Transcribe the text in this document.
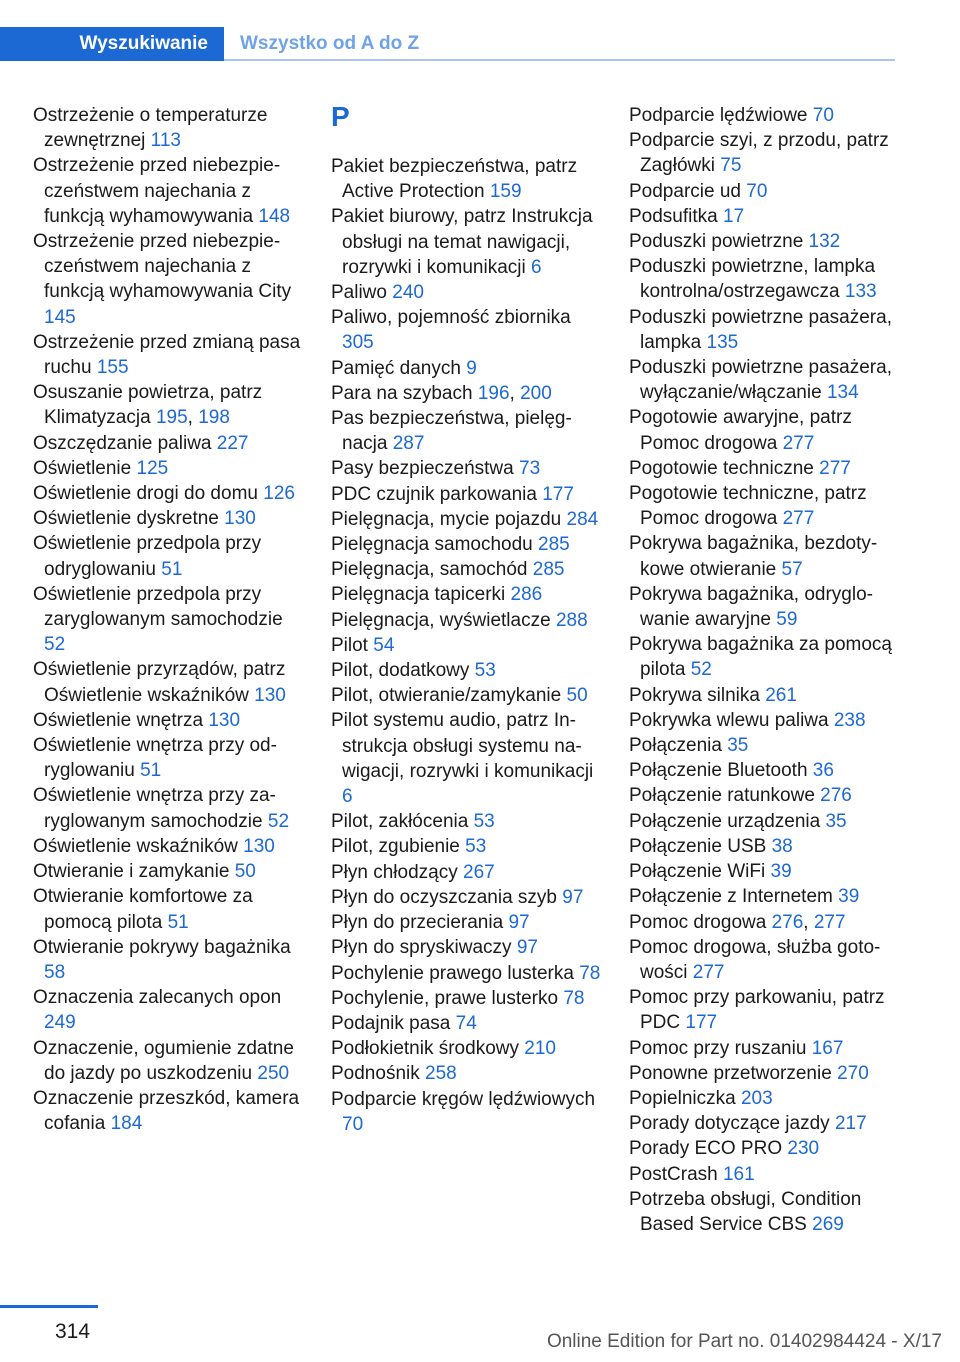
Wyszukiwanie	Wszystko od A do Z

Ostrzeżenie o temperaturze zewnętrznej 113

Ostrzeżenie przed niebezpieczeństwem najechania z funkcją wyhamowywania 148

Ostrzeżenie przed niebezpieczeństwem najechania z funkcją wyhamowywania City 145

Ostrzeżenie przed zmianą pasa ruchu 155

Osuszanie powietrza, patrz Klimatyzacja 195, 198

Oszczędzanie paliwa 227

Oświetlenie 125

Oświetlenie drogi do domu 126

Oświetlenie dyskretne 130

Oświetlenie przedpola przy odryglowaniu 51

Oświetlenie przedpola przy zaryglowanym samochodzie 52

Oświetlenie przyrządów, patrz Oświetlenie wskaźników 130

Oświetlenie wnętrza 130

Oświetlenie wnętrza przy odryglowaniu 51

Oświetlenie wnętrza przy zaryglowanym samochodzie 52

Oświetlenie wskaźników 130

Otwieranie i zamykanie 50

Otwieranie komfortowe za pomocą pilota 51

Otwieranie pokrywy bagażnika 58

Oznaczenia zalecanych opon 249

Oznaczenie, ogumienie zdatne do jazdy po uszkodzeniu 250

Oznaczenie przeszkód, kamera cofania 184

P

Pakiet bezpieczeństwa, patrz Active Protection 159

Pakiet biurowy, patrz Instrukcja obsługi na temat nawigacji, rozrywki i komunikacji 6

Paliwo 240

Paliwo, pojemność zbiornika 305

Pamięć danych 9

Para na szybach 196, 200

Pas bezpieczeństwa, pielęgnacja 287

Pasy bezpieczeństwa 73

PDC czujnik parkowania 177

Pielęgnacja, mycie pojazdu 284

Pielęgnacja samochodu 285

Pielęgnacja, samochód 285

Pielęgnacja tapicerki 286

Pielęgnacja, wyświetlacze 288

Pilot 54

Pilot, dodatkowy 53

Pilot, otwieranie/zamykanie 50

Pilot systemu audio, patrz Instrukcja obsługi systemu nawigacji, rozrywki i komunikacji 6

Pilot, zakłócenia 53

Pilot, zgubienie 53

Płyn chłodzący 267

Płyn do oczyszczania szyb 97

Płyn do przecierania 97

Płyn do spryskiwaczy 97

Pochylenie prawego lusterka 78

Pochylenie, prawe lusterko 78

Podajnik pasa 74

Podłokietnik środkowy 210

Podnośnik 258

Podparcie kręgów lędźwiowych 70

Podparcie lędźwiowe 70

Podparcie szyi, z przodu, patrz Zagłówki 75

Podparcie ud 70

Podsufitka 17

Poduszki powietrzne 132

Poduszki powietrzne, lampka kontrolna/ostrzegawcza 133

Poduszki powietrzne pasażera, lampka 135

Poduszki powietrzne pasażera, wyłączanie/włączanie 134

Pogotowie awaryjne, patrz Pomoc drogowa 277

Pogotowie techniczne 277

Pogotowie techniczne, patrz Pomoc drogowa 277

Pokrywa bagażnika, bezdotykowe otwieranie 57

Pokrywa bagażnika, odryglowanie awaryjne 59

Pokrywa bagażnika za pomocą pilota 52

Pokrywa silnika 261

Pokrywka wlewu paliwa 238

Połączenia 35

Połączenie Bluetooth 36

Połączenie ratunkowe 276

Połączenie urządzenia 35

Połączenie USB 38

Połączenie WiFi 39

Połączenie z Internetem 39

Pomoc drogowa 276, 277

Pomoc drogowa, służba gotowości 277

Pomoc przy parkowaniu, patrz PDC 177

Pomoc przy ruszaniu 167

Ponowne przetworzenie 270

Popielniczka 203

Porady dotyczące jazdy 217

Porady ECO PRO 230

PostCrash 161

Potrzeba obsługi, Condition Based Service CBS 269

314	Online Edition for Part no. 01402984424 - X/17
